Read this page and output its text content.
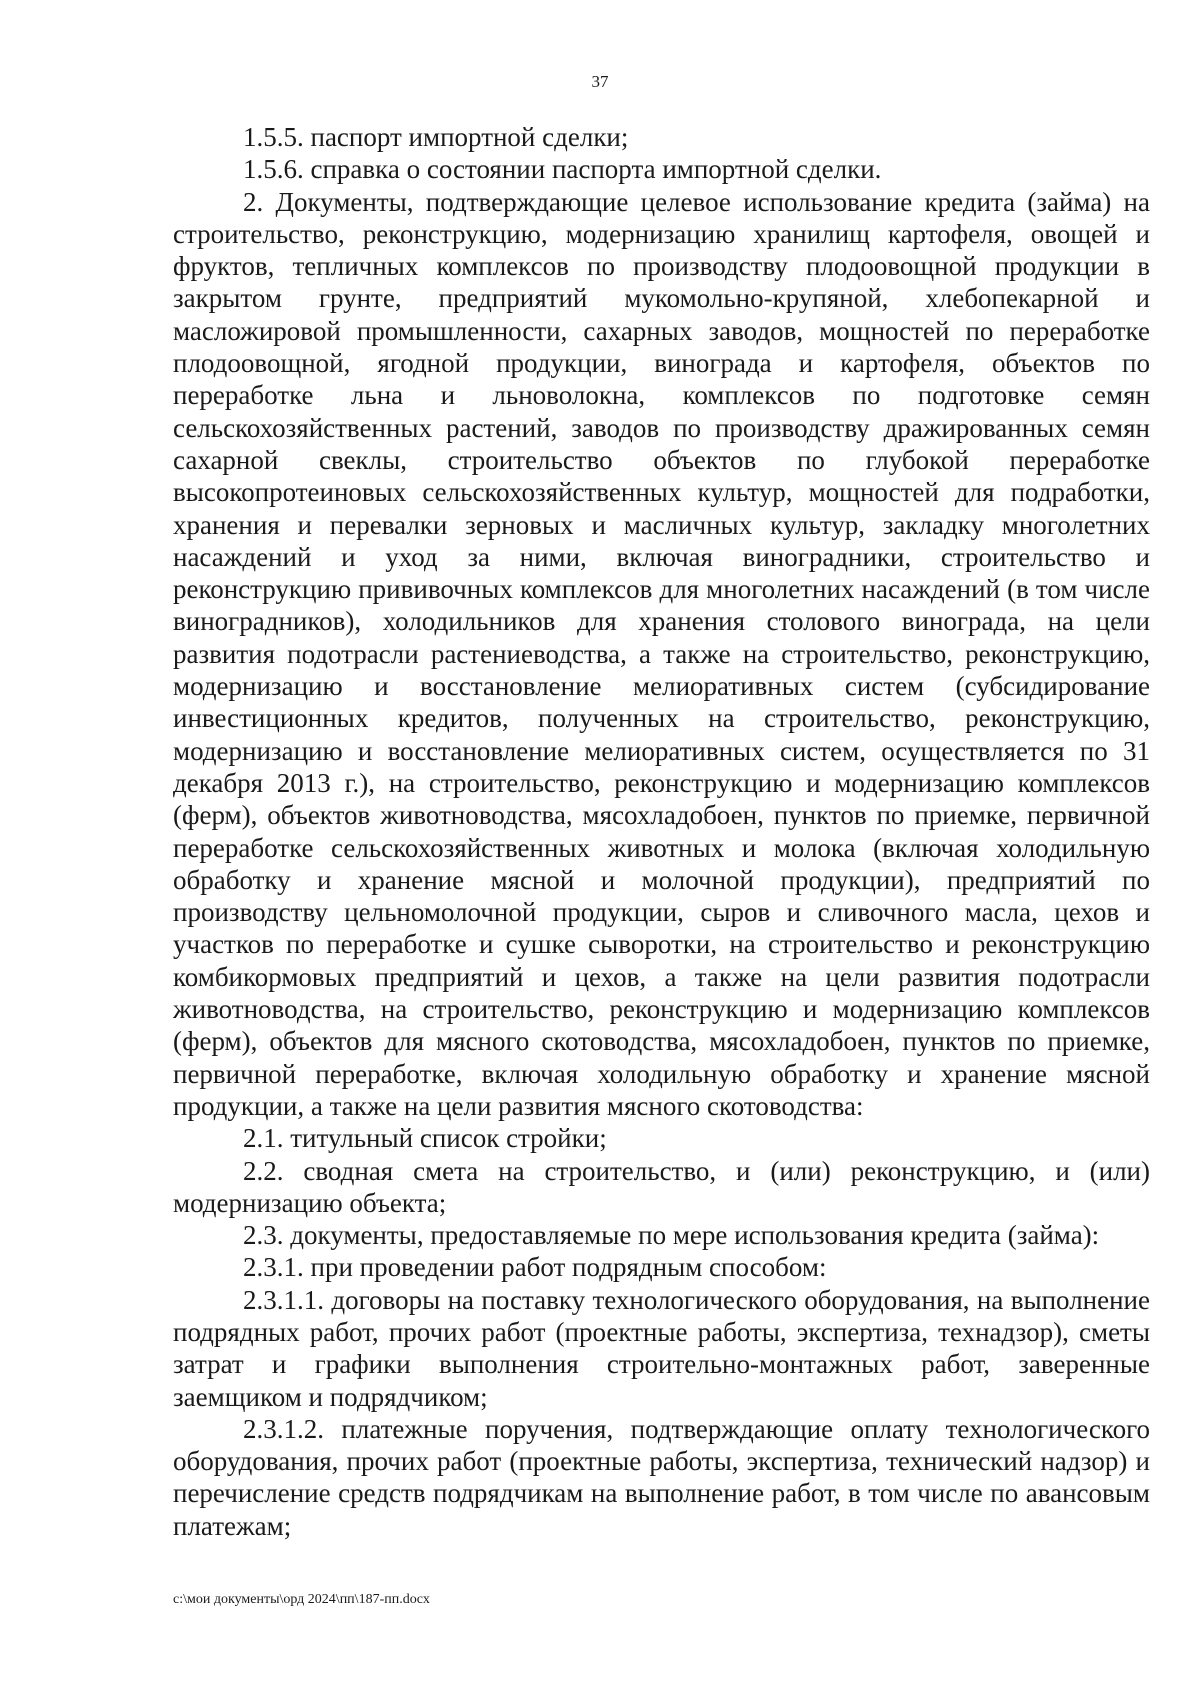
37

1.5.5. паспорт импортной сделки;

1.5.6. справка о состоянии паспорта импортной сделки.

2. Документы, подтверждающие целевое использование кредита (займа) на строительство, реконструкцию, модернизацию хранилищ картофеля, овощей и фруктов, тепличных комплексов по производству плодоовощной продукции в закрытом грунте, предприятий мукомольно-крупяной, хлебопекарной и масложировой промышленности, сахарных заводов, мощностей по переработке плодоовощной, ягодной продукции, винограда и картофеля, объектов по переработке льна и льноволокна, комплексов по подготовке семян сельскохозяйственных растений, заводов по производству дражированных семян сахарной свеклы, строительство объектов по глубокой переработке высокопротеиновых сельскохозяйственных культур, мощностей для подработки, хранения и перевалки зерновых и масличных культур, закладку многолетних насаждений и уход за ними, включая виноградники, строительство и реконструкцию прививочных комплексов для многолетних насаждений (в том числе виноградников), холодильников для хранения столового винограда, на цели развития подотрасли растениеводства, а также на строительство, реконструкцию, модернизацию и восстановление мелиоративных систем (субсидирование инвестиционных кредитов, полученных на строительство, реконструкцию, модернизацию и восстановление мелиоративных систем, осуществляется по 31 декабря 2013 г.), на строительство, реконструкцию и модернизацию комплексов (ферм), объектов животноводства, мясохладобоен, пунктов по приемке, первичной переработке сельскохозяйственных животных и молока (включая холодильную обработку и хранение мясной и молочной продукции), предприятий по производству цельномолочной продукции, сыров и сливочного масла, цехов и участков по переработке и сушке сыворотки, на строительство и реконструкцию комбикормовых предприятий и цехов, а также на цели развития подотрасли животноводства, на строительство, реконструкцию и модернизацию комплексов (ферм), объектов для мясного скотоводства, мясохладобоен, пунктов по приемке, первичной переработке, включая холодильную обработку и хранение мясной продукции, а также на цели развития мясного скотоводства:

2.1. титульный список стройки;

2.2. сводная смета на строительство, и (или) реконструкцию, и (или) модернизацию объекта;

2.3. документы, предоставляемые по мере использования кредита (займа):

2.3.1. при проведении работ подрядным способом:

2.3.1.1. договоры на поставку технологического оборудования, на выполнение подрядных работ, прочих работ (проектные работы, экспертиза, технадзор), сметы затрат и графики выполнения строительно-монтажных работ, заверенные заемщиком и подрядчиком;

2.3.1.2. платежные поручения, подтверждающие оплату технологического оборудования, прочих работ (проектные работы, экспертиза, технический надзор) и перечисление средств подрядчикам на выполнение работ, в том числе по авансовым платежам;

c:\мои документы\орд 2024\пп\187-пп.docx
